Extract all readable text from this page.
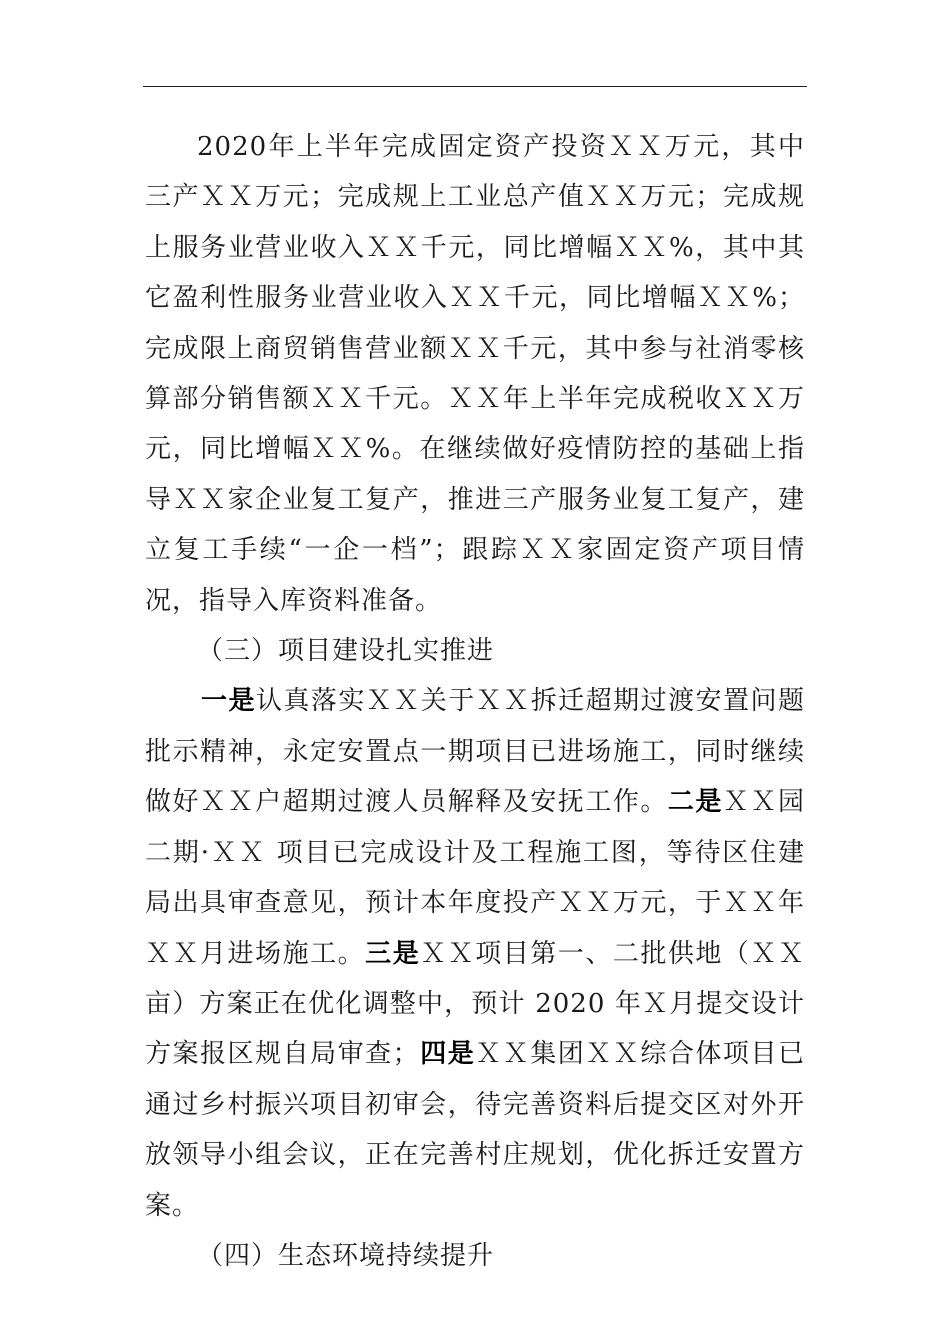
2020年上半年完成固定资产投资ＸＸ万元，其中三产ＸＸ万元；完成规上工业总产值ＸＸ万元；完成规上服务业营业收入ＸＸ千元，同比增幅ＸＸ%，其中其它盈利性服务业营业收入ＸＸ千元，同比增幅ＸＸ%；完成限上商贸销售营业额ＸＸ千元，其中参与社消零核算部分销售额ＸＸ千元。ＸＸ年上半年完成税收ＸＸ万元，同比增幅ＸＸ%。在继续做好疫情防控的基础上指导ＸＸ家企业复工复产，推进三产服务业复工复产，建立复工手续“一企一档”；跟踪ＸＸ家固定资产项目情况，指导入库资料准备。

（三）项目建设扎实推进

一是认真落实ＸＸ关于ＸＸ拆迁超期过渡安置问题批示精神，永定安置点一期项目已进场施工，同时继续做好ＸＸ户超期过渡人员解释及安抚工作。二是ＸＸ园二期·ＸＸ 项目已完成设计及工程施工图，等待区住建局出具审查意见，预计本年度投产ＸＸ万元，于ＸＸ年ＸＸ月进场施工。三是ＸＸ项目第一、二批供地（ＸＸ亩）方案正在优化调整中，预计 2020 年Ｘ月提交设计方案报区规自局审查；四是ＸＸ集团ＸＸ综合体项目已通过乡村振兴项目初审会，待完善资料后提交区对外开放领导小组会议，正在完善村庄规划，优化拆迁安置方案。

（四）生态环境持续提升
